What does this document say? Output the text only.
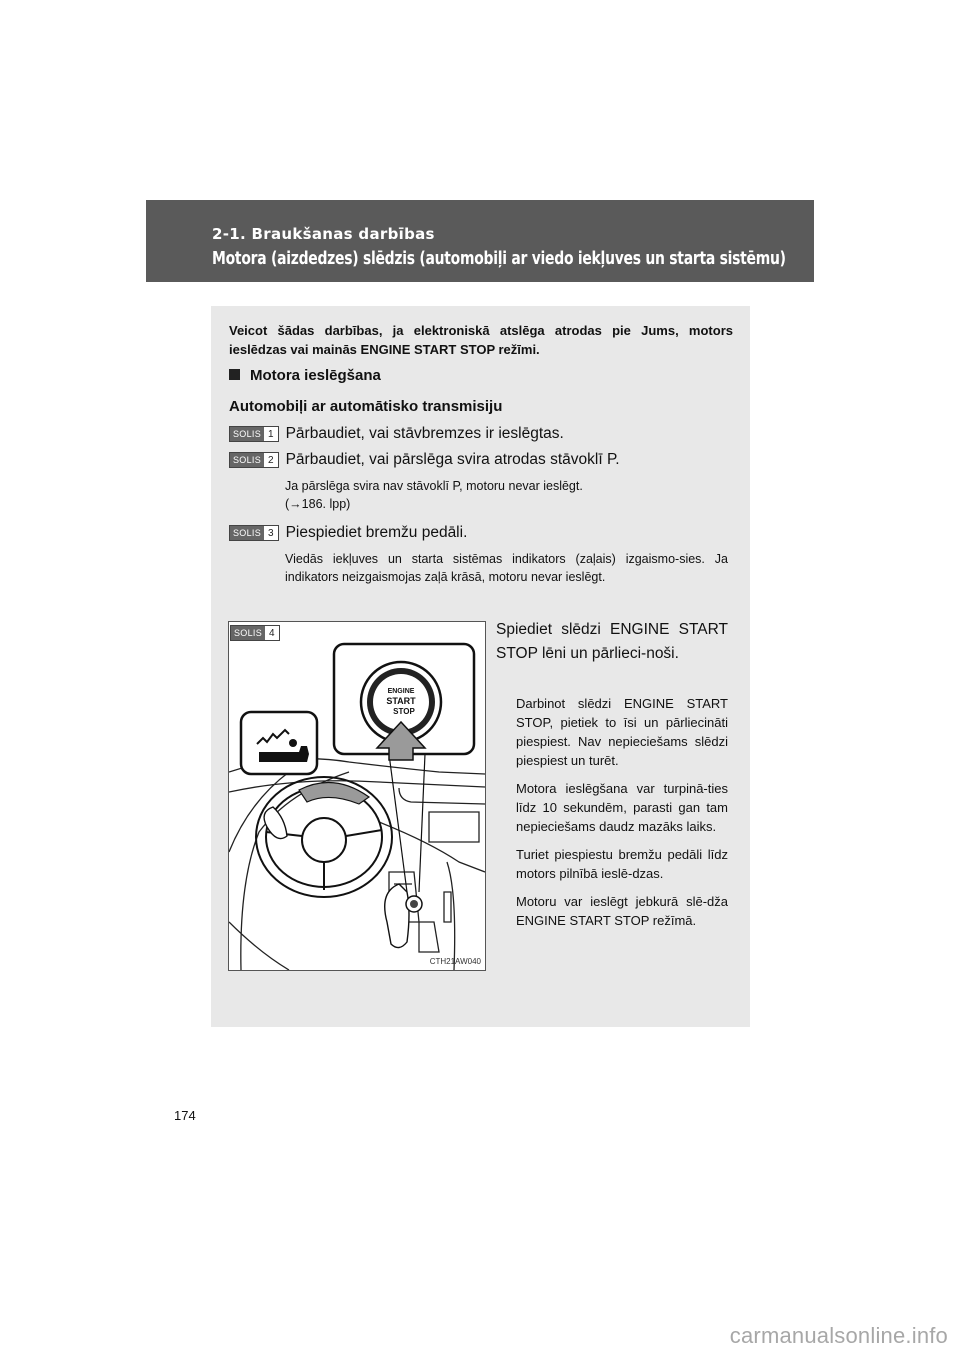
2-1. Braukšanas darbības
Motora (aizdedzes) slēdzis (automobiļi ar viedo iekļuves un starta sistēmu)
Veicot šādas darbības, ja elektroniskā atslēga atrodas pie Jums, motors ieslēdzas vai mainās ENGINE START STOP režīmi.
Motora ieslēgšana
Automobiļi ar automātisko transmisiju
SOLIS 1 Pārbaudiet, vai stāvbremzes ir ieslēgtas.
SOLIS 2 Pārbaudiet, vai pārslēga svira atrodas stāvoklī P.
Ja pārslēga svira nav stāvoklī P, motoru nevar ieslēgt.
(→186. lpp)
SOLIS 3 Piespiediet bremžu pedāli.
Viedās iekļuves un starta sistēmas indikators (zaļais) izgaismo-sies. Ja indikators neizgaismojas zaļā krāsā, motoru nevar ieslēgt.
SOLIS 4
ENGINE
START
STOP
CTH21AW040

Spiediet slēdzi ENGINE START STOP lēni un pārlieci-noši.

Darbinot slēdzi ENGINE START STOP, pietiek to īsi un pārliecināti piespiest. Nav nepieciešams slēdzi piespiest un turēt.

Motora ieslēgšana var turpinā-ties līdz 10 sekundēm, parasti gan tam nepieciešams daudz mazāks laiks.

Turiet piespiestu bremžu pedāli līdz motors pilnībā ieslē-dzas.

Motoru var ieslēgt jebkurā slē-dža ENGINE START STOP režīmā.

174
carmanualsonline.info
